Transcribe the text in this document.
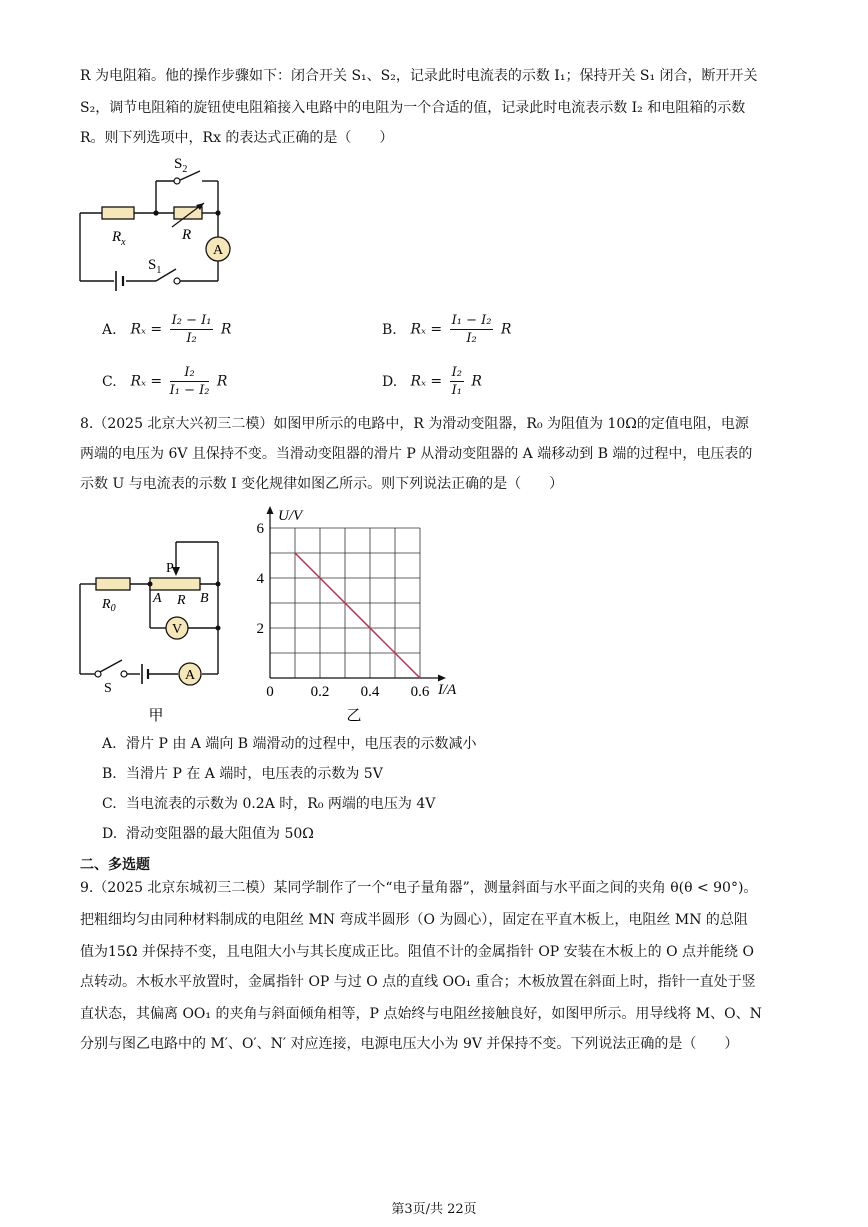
R 为电阻箱。他的操作步骤如下：闭合开关 S₁、S₂，记录此时电流表的示数 I₁；保持开关 S₁ 闭合，断开开关
S₂，调节电阻箱的旋钮使电阻箱接入电路中的电阻为一个合适的值，记录此时电流表示数 I₂ 和电阻箱的示数
R。则下列选项中，Rx 的表达式正确的是（　　）
A
$S_2$
$R_x$	R
$S_1$
A. $R_x = \frac{\text{I₂ − I₁}}{\text{I₂}}$ R	B. $R_x = \frac{\text{I₁ − I₂}}{\text{I₂}}$ R
C. $R_x = \frac{\text{I₂}}{\text{I₁ − I₂}}$ R	D. $R_x = \frac{\text{I₂}}{\text{I₁}}$ R
8.（2025 北京大兴初三二模）如图甲所示的电路中，R 为滑动变阻器，R₀ 为阻值为 10Ω的定值电阻，电源
两端的电压为 6V 且保持不变。当滑动变阻器的滑片 P 从滑动变阻器的 A 端移动到 B 端的过程中，电压表的
示数 U 与电流表的示数 I 变化规律如图乙所示。则下列说法正确的是（　　）
V
A
P
$R_0$
A R B
S
甲
0 0.2 0.4 0.6
2
4
6
U/V
I/A
乙
A. 滑片 P 由 A 端向 B 端滑动的过程中，电压表的示数减小
B. 当滑片 P 在 A 端时，电压表的示数为 5V
C. 当电流表的示数为 0.2A 时，R₀ 两端的电压为 4V
D. 滑动变阻器的最大阻值为 50Ω
二、多选题
9.（2025 北京东城初三二模）某同学制作了一个“电子量角器”，测量斜面与水平面之间的夹角 θ(θ < 90°)。
把粗细均匀由同种材料制成的电阻丝 MN 弯成半圆形（O 为圆心），固定在平直木板上，电阻丝 MN 的总阻
值为15Ω 并保持不变，且电阻大小与其长度成正比。阻值不计的金属指针 OP 安装在木板上的 O 点并能绕 O
点转动。木板水平放置时，金属指针 OP 与过 O 点的直线 OO₁ 重合；木板放置在斜面上时，指针一直处于竖
直状态，其偏离 OO₁ 的夹角与斜面倾角相等，P 点始终与电阻丝接触良好，如图甲所示。用导线将 M、O、N
分别与图乙电路中的 M′、O′、N′ 对应连接，电源电压大小为 9V 并保持不变。下列说法正确的是（　　）
第3页/共 22页
